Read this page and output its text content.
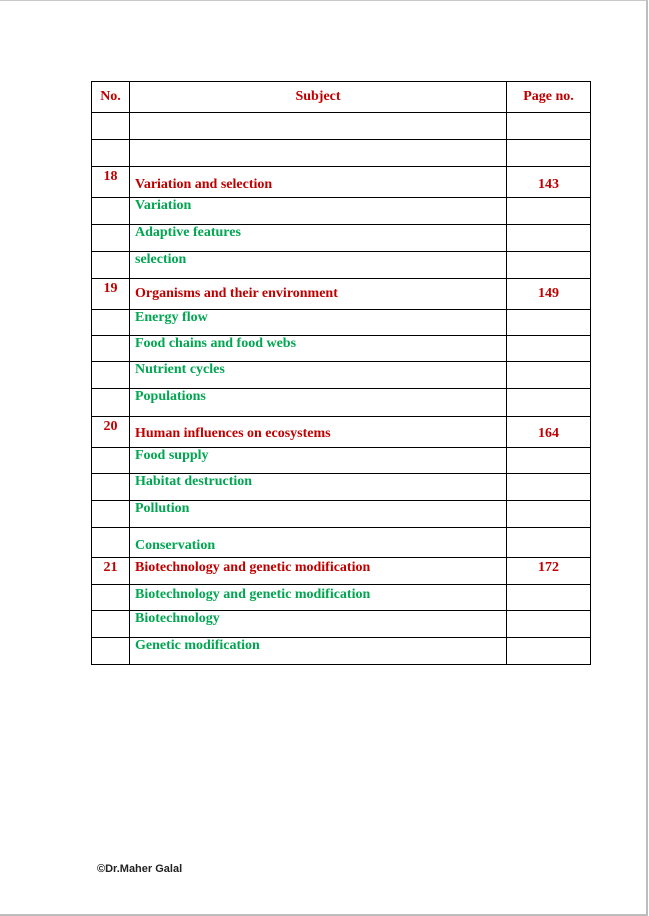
No.	Subject	Page no.

18	Variation and selection	143
	Variation	
	Adaptive features	
	selection	
19	Organisms and their environment	149
	Energy flow	
	Food chains and food webs	
	Nutrient cycles	
	Populations	
20	Human influences on ecosystems	164
	Food supply	
	Habitat destruction	
	Pollution	
	Conservation	
21	Biotechnology and genetic modification	172
	Biotechnology and genetic modification	
	Biotechnology	
	Genetic modification	
©Dr.Maher Galal
